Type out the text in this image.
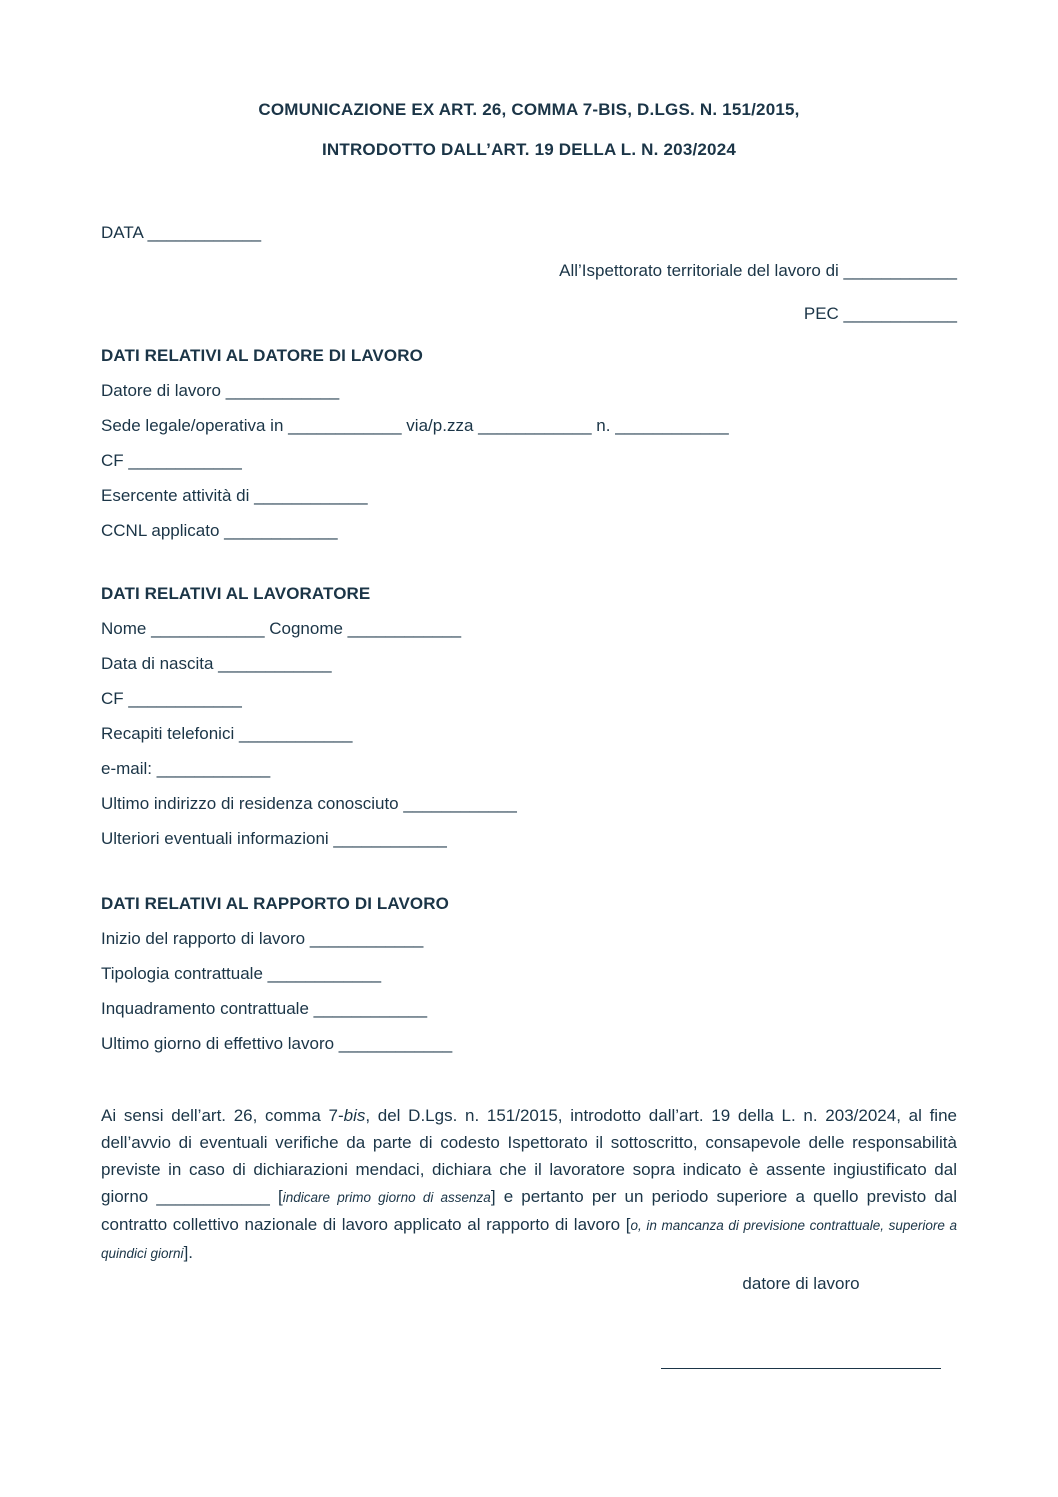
COMUNICAZIONE EX ART. 26, COMMA 7-BIS, D.LGS. N. 151/2015,

INTRODOTTO DALL’ART. 19 DELLA L. N. 203/2024

DATA ____________

All’Ispettorato territoriale del lavoro di ____________

PEC ____________

DATI RELATIVI AL DATORE DI LAVORO

Datore di lavoro ____________

Sede legale/operativa in ____________ via/p.zza ____________ n. ____________

CF ____________

Esercente attività di ____________

CCNL applicato ____________

DATI RELATIVI AL LAVORATORE

Nome ____________ Cognome ____________

Data di nascita ____________

CF ____________

Recapiti telefonici ____________

e-mail: ____________

Ultimo indirizzo di residenza conosciuto ____________

Ulteriori eventuali informazioni ____________

DATI RELATIVI AL RAPPORTO DI LAVORO

Inizio del rapporto di lavoro ____________

Tipologia contrattuale ____________

Inquadramento contrattuale ____________

Ultimo giorno di effettivo lavoro ____________

Ai sensi dell’art. 26, comma 7-bis, del D.Lgs. n. 151/2015, introdotto dall’art. 19 della L. n. 203/2024, al fine dell’avvio di eventuali verifiche da parte di codesto Ispettorato il sottoscritto, consapevole delle responsabilità previste in caso di dichiarazioni mendaci, dichiara che il lavoratore sopra indicato è assente ingiustificato dal giorno ____________ [indicare primo giorno di assenza] e pertanto per un periodo superiore a quello previsto dal contratto collettivo nazionale di lavoro applicato al rapporto di lavoro [o, in mancanza di previsione contrattuale, superiore a quindici giorni].

datore di lavoro
